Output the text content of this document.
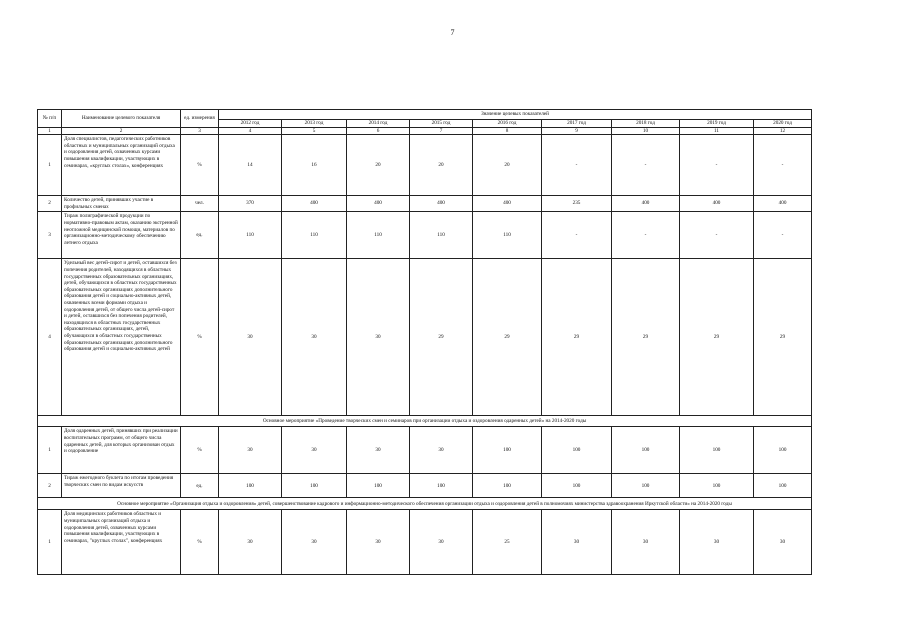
7
№ п/п	Наименование целевого показателя	ед. измерения	Значение целевых показателей								
			2012 год	2013 год	2014 год	2015 год	2016 год	2017 год	2018 год	2019 год	2020 год
1	2	3	4	5	6	7	8	9	10	11	12
1	Доля специалистов, педагогических работников областных и муниципальных организаций отдыха и оздоровления детей, охваченных курсами повышения квалификации, участвующих в семинарах, «круглых столах», конференциях	%	14	16	20	20	20	-	-	-	-
2	Количество детей, принявших участие в профильных сменах	чел.	370	400	400	400	400	235	400	400	400
3	Тираж полиграфической продукции по нормативно-правовым актам, оказанию экстренной неотложной медицинской помощи, материалов по организационно-методическому обеспечению летнего отдыха	ед.	110	110	110	110	110	-	-	-	-
4	Удельный вес детей-сирот и детей, оставшихся без попечения родителей, находящихся в областных государственных образовательных организациях, детей, обучающихся в областных государственных образовательных организациях дополнительного образования детей и социально-активных детей, охваченных всеми формами отдыха и оздоровления детей, от общего числа детей-сирот и детей, оставшихся без попечения родителей, находящихся в областных государственных образовательных организациях, детей, обучающихся в областных государственных образовательных организациях дополнительного образования детей и социально-активных детей	%	30	30	30	29	29	29	29	29	29
Основное мероприятие «Проведение творческих смен и семинаров при организации отдыха и оздоровления одаренных детей» на 2014-2020 годы											
1	Доля одаренных детей, принявших при реализации воспитательных программ, от общего числа одаренных детей, для которых организован отдых и оздоровление	%	30	30	30	30	100	100	100	100	100
2	Тираж ежегодного буклета по итогам проведения творческих смен по видам искусств	ед.	100	100	100	100	100	100	100	100	100
Основное мероприятие «Организация отдыха и оздоровления» детей, совершенствование кадрового и информационно-методического обеспечения организации отдыха и оздоровления детей в полномочиях министерства здравоохранения Иркутской области» на 2014-2020 годы											
1	Доля медицинских работников областных и муниципальных организаций отдыха и оздоровления детей, охваченных курсами повышения квалификации, участвующих в семинарах, "круглых столах", конференциях	%	30	30	30	30	25	30	30	30	30
